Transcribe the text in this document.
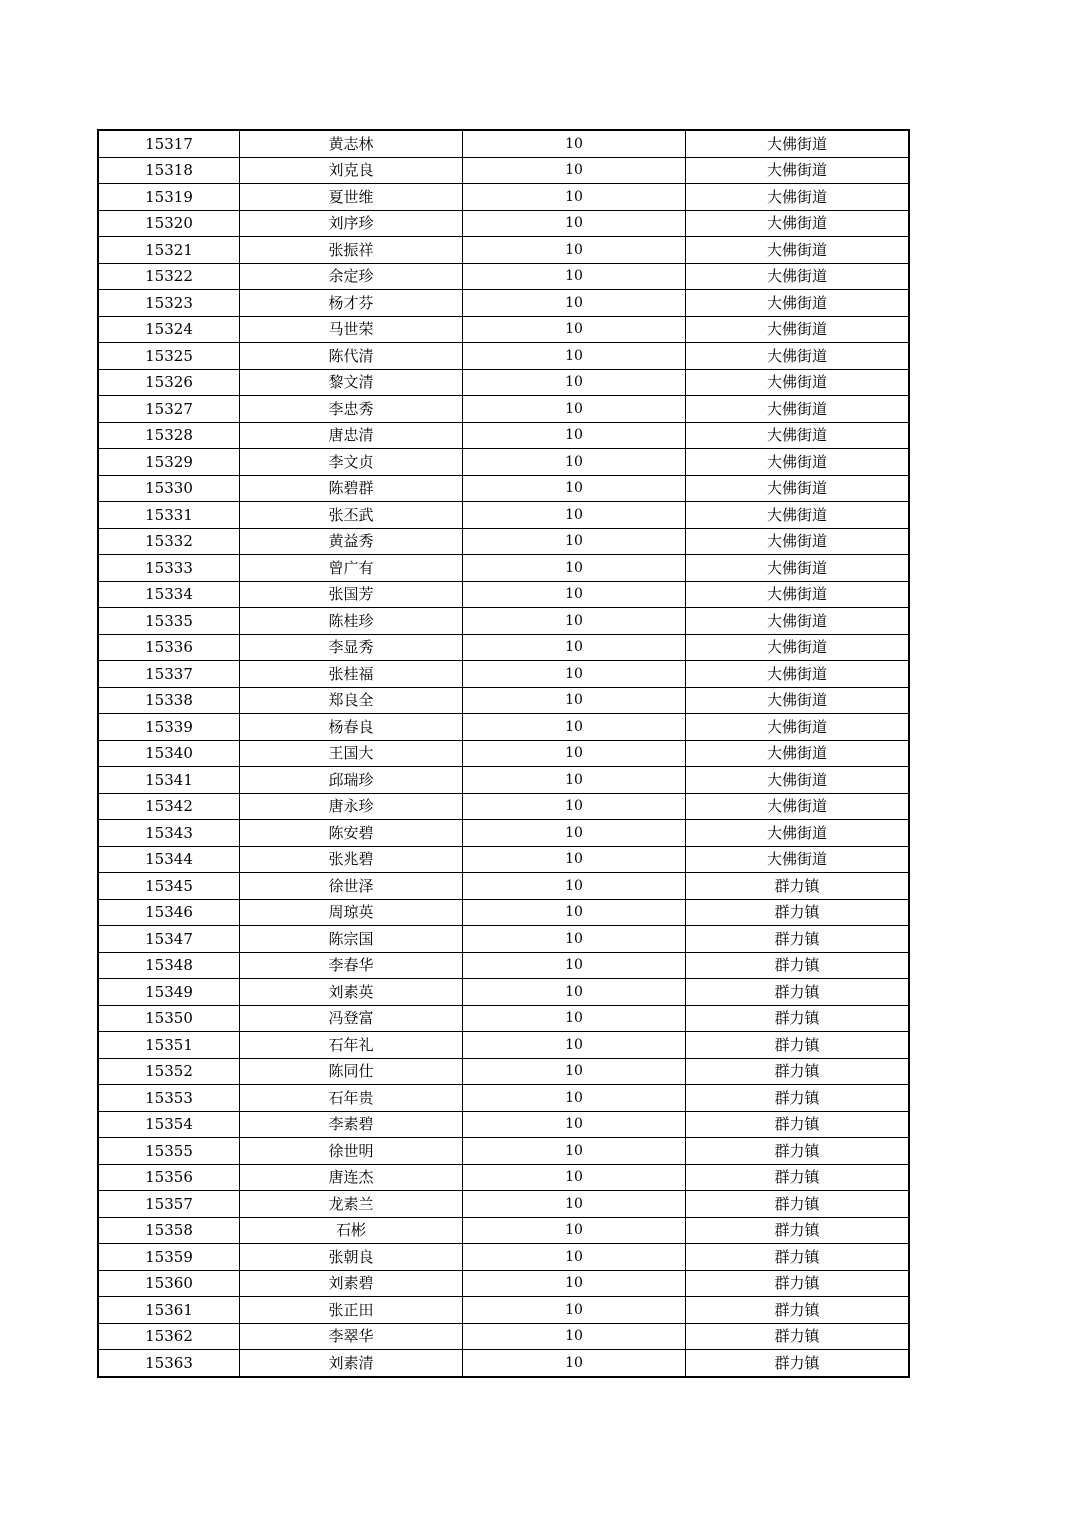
15317	黄志林	10	大佛街道
15318	刘克良	10	大佛街道
15319	夏世维	10	大佛街道
15320	刘序珍	10	大佛街道
15321	张振祥	10	大佛街道
15322	余定珍	10	大佛街道
15323	杨才芬	10	大佛街道
15324	马世荣	10	大佛街道
15325	陈代清	10	大佛街道
15326	黎文清	10	大佛街道
15327	李忠秀	10	大佛街道
15328	唐忠清	10	大佛街道
15329	李文贞	10	大佛街道
15330	陈碧群	10	大佛街道
15331	张丕武	10	大佛街道
15332	黄益秀	10	大佛街道
15333	曾广有	10	大佛街道
15334	张国芳	10	大佛街道
15335	陈桂珍	10	大佛街道
15336	李显秀	10	大佛街道
15337	张桂福	10	大佛街道
15338	郑良全	10	大佛街道
15339	杨春良	10	大佛街道
15340	王国大	10	大佛街道
15341	邱瑞珍	10	大佛街道
15342	唐永珍	10	大佛街道
15343	陈安碧	10	大佛街道
15344	张兆碧	10	大佛街道
15345	徐世泽	10	群力镇
15346	周琼英	10	群力镇
15347	陈宗国	10	群力镇
15348	李春华	10	群力镇
15349	刘素英	10	群力镇
15350	冯登富	10	群力镇
15351	石年礼	10	群力镇
15352	陈同仕	10	群力镇
15353	石年贵	10	群力镇
15354	李素碧	10	群力镇
15355	徐世明	10	群力镇
15356	唐连杰	10	群力镇
15357	龙素兰	10	群力镇
15358	石彬	10	群力镇
15359	张朝良	10	群力镇
15360	刘素碧	10	群力镇
15361	张正田	10	群力镇
15362	李翠华	10	群力镇
15363	刘素清	10	群力镇
